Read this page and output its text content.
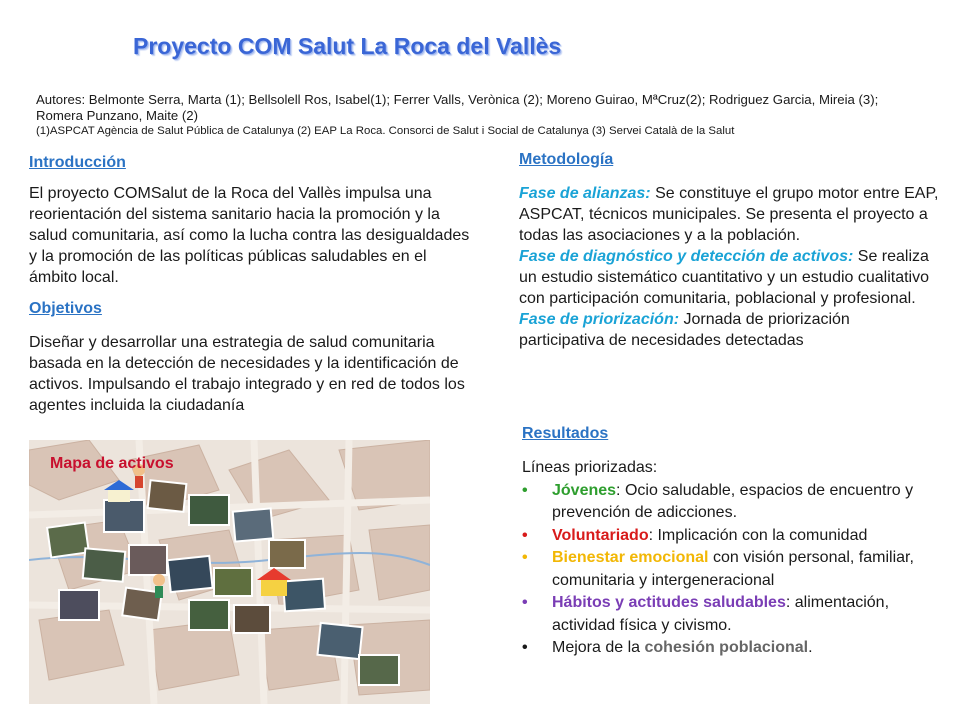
Proyecto COM Salut La Roca del Vallès
Autores: Belmonte Serra, Marta (1); Bellsolell Ros, Isabel(1); Ferrer Valls, Verònica (2); Moreno Guirao, MªCruz(2); Rodriguez Garcia, Mireia (3); Romera Punzano, Maite (2)
(1)ASPCAT Agència de Salut Pública de Catalunya (2) EAP La Roca. Consorci de Salut i Social de Catalunya (3) Servei Català de la Salut
Introducción
El proyecto COMSalut de la Roca del Vallès impulsa una reorientación del sistema sanitario hacia la promoción y la salud comunitaria, así como la lucha contra las desigualdades y la promoción de las políticas públicas saludables en el ámbito local.
Objetivos
Diseñar y desarrollar una estrategia de salud comunitaria basada en la detección de necesidades y la identificación de activos. Impulsando el trabajo integrado y en red de todos los agentes incluida la ciudadanía
Mapa de activos
Metodología
Fase de alianzas: Se constituye el grupo motor entre EAP, ASPCAT, técnicos municipales. Se presenta el proyecto a todas las asociaciones y a la población.
Fase de diagnóstico y detección de activos: Se realiza un estudio sistemático cuantitativo y un estudio cualitativo con participación comunitaria, poblacional y profesional.
Fase de priorización: Jornada de priorización participativa de necesidades detectadas
Resultados
Líneas priorizadas:
• Jóvenes: Ocio saludable, espacios de encuentro y prevención de adicciones.
• Voluntariado: Implicación con la comunidad
• Bienestar emocional con visión personal, familiar, comunitaria y intergeneracional
• Hábitos y actitudes saludables: alimentación, actividad física y civismo.
• Mejora de la cohesión poblacional.
